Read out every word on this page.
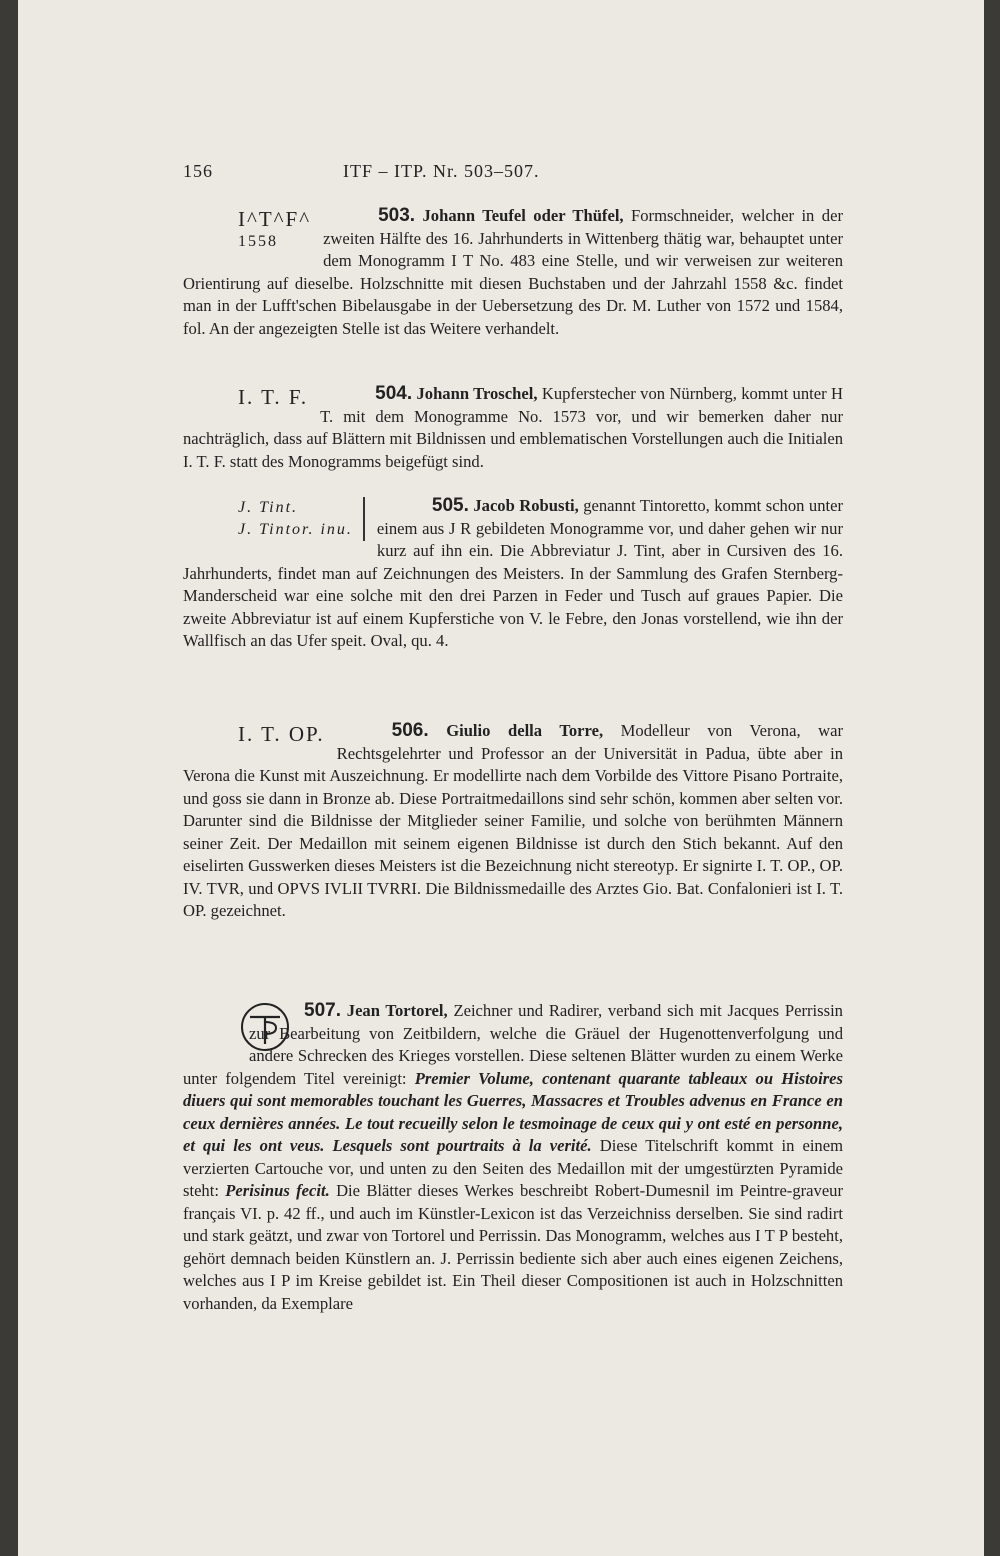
156	ITF – ITP. Nr. 503–507.

I^T^F^
1558
503. Johann Teufel oder Thüfel, Formschneider, welcher in der zweiten Hälfte des 16. Jahrhunderts in Wittenberg thätig war, behauptet unter dem Monogramm I T No. 483 eine Stelle, und wir verweisen zur weiteren Orientirung auf dieselbe. Holzschnitte mit diesen Buchstaben und der Jahrzahl 1558 &c. findet man in der Lufft'schen Bibelausgabe in der Uebersetzung des Dr. M. Luther von 1572 und 1584, fol. An der angezeigten Stelle ist das Weitere verhandelt.

I. T. F.	504. Johann Troschel, Kupferstecher von Nürnberg, kommt unter H T. mit dem Monogramme No. 1573 vor, und wir bemerken daher nur nachträglich, dass auf Blättern mit Bildnissen und emblematischen Vorstellungen auch die Initialen I. T. F. statt des Monogramms beigefügt sind.

J. Tint.
J. Tintor. inu.
505. Jacob Robusti, genannt Tintoretto, kommt schon unter einem aus J R gebildeten Monogramme vor, und daher gehen wir nur kurz auf ihn ein. Die Abbreviatur J. Tint, aber in Cursiven des 16. Jahrhunderts, findet man auf Zeichnungen des Meisters. In der Sammlung des Grafen Sternberg-Manderscheid war eine solche mit den drei Parzen in Feder und Tusch auf graues Papier. Die zweite Abbreviatur ist auf einem Kupferstiche von V. le Febre, den Jonas vorstellend, wie ihn der Wallfisch an das Ufer speit. Oval, qu. 4.

I. T. OP.	506. Giulio della Torre, Modelleur von Verona, war Rechtsgelehrter und Professor an der Universität in Padua, übte aber in Verona die Kunst mit Auszeichnung. Er modellirte nach dem Vorbilde des Vittore Pisano Portraite, und goss sie dann in Bronze ab. Diese Portraitmedaillons sind sehr schön, kommen aber selten vor. Darunter sind die Bildnisse der Mitglieder seiner Familie, und solche von berühmten Männern seiner Zeit. Der Medaillon mit seinem eigenen Bildnisse ist durch den Stich bekannt. Auf den eiselirten Gusswerken dieses Meisters ist die Bezeichnung nicht stereotyp. Er signirte I. T. OP., OP. IV. TVR, und OPVS IVLII TVRRI. Die Bildnissmedaille des Arztes Gio. Bat. Confalonieri ist I. T. OP. gezeichnet.

507. Jean Tortorel, Zeichner und Radirer, verband sich mit Jacques Perrissin zur Bearbeitung von Zeitbildern, welche die Gräuel der Hugenottenverfolgung und andere Schrecken des Krieges vorstellen. Diese seltenen Blätter wurden zu einem Werke unter folgendem Titel vereinigt: Premier Volume, contenant quarante tableaux ou Histoires diuers qui sont memorables touchant les Guerres, Massacres et Troubles advenus en France en ceux dernières années. Le tout recueilly selon le tesmoinage de ceux qui y ont esté en personne, et qui les ont veus. Lesquels sont pourtraits à la verité. Diese Titelschrift kommt in einem verzierten Cartouche vor, und unten zu den Seiten des Medaillon mit der umgestürzten Pyramide steht: Perisinus fecit. Die Blätter dieses Werkes beschreibt Robert-Dumesnil im Peintre-graveur français VI. p. 42 ff., und auch im Künstler-Lexicon ist das Verzeichniss derselben. Sie sind radirt und stark geätzt, und zwar von Tortorel und Perrissin. Das Monogramm, welches aus I T P besteht, gehört demnach beiden Künstlern an. J. Perrissin bediente sich aber auch eines eigenen Zeichens, welches aus I P im Kreise gebildet ist. Ein Theil dieser Compositionen ist auch in Holzschnitten vorhanden, da Exemplare
